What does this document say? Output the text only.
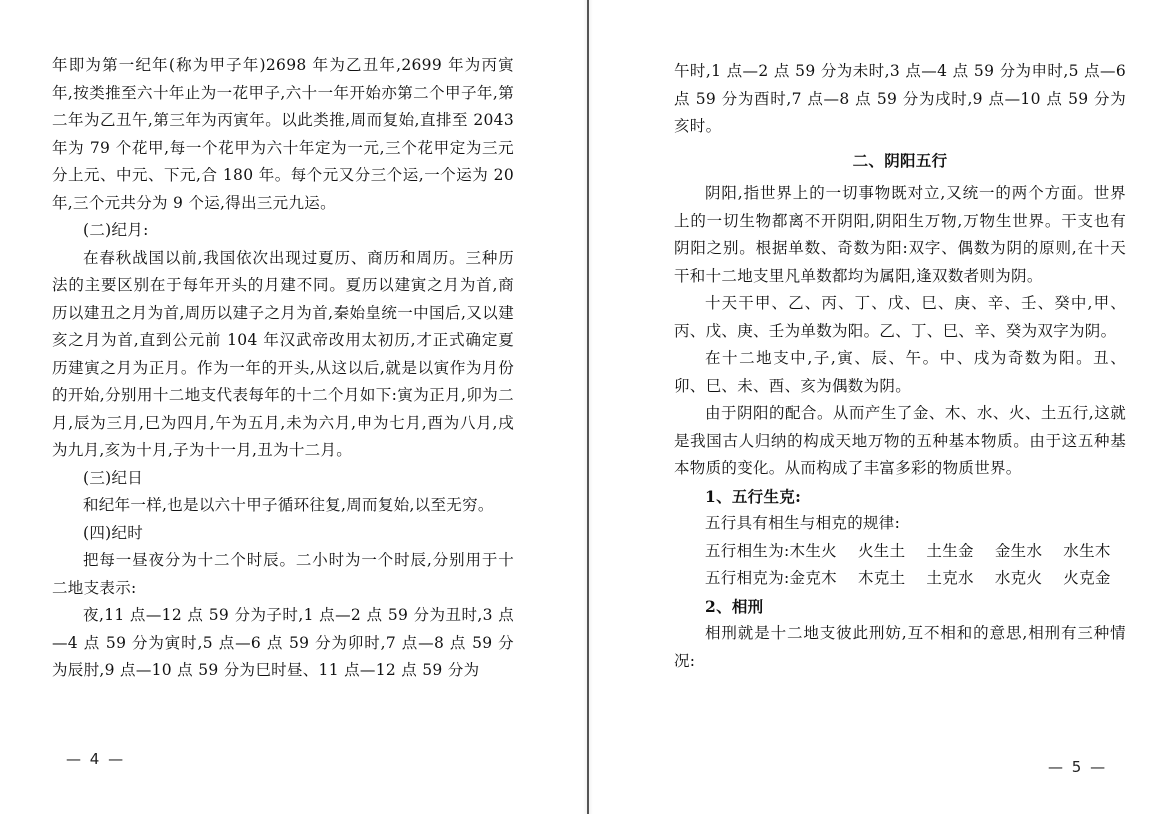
年即为第一纪年(称为甲子年)2698 年为乙丑年,2699 年为丙寅年,按类推至六十年止为一花甲子,六十一年开始亦第二个甲子年,第二年为乙丑午,第三年为丙寅年。以此类推,周而复始,直排至 2043 年为 79 个花甲,每一个花甲为六十年定为一元,三个花甲定为三元分上元、中元、下元,合 180 年。每个元又分三个运,一个运为 20 年,三个元共分为 9 个运,得出三元九运。

(二)纪月:

在春秋战国以前,我国依次出现过夏历、商历和周历。三种历法的主要区别在于每年开头的月建不同。夏历以建寅之月为首,商历以建丑之月为首,周历以建子之月为首,秦始皇统一中国后,又以建亥之月为首,直到公元前 104 年汉武帝改用太初历,才正式确定夏历建寅之月为正月。作为一年的开头,从这以后,就是以寅作为月份的开始,分别用十二地支代表每年的十二个月如下:寅为正月,卯为二月,辰为三月,巳为四月,午为五月,未为六月,申为七月,酉为八月,戌为九月,亥为十月,子为十一月,丑为十二月。

(三)纪日

和纪年一样,也是以六十甲子循环往复,周而复始,以至无穷。

(四)纪时

把每一昼夜分为十二个时辰。二小时为一个时辰,分别用于十二地支表示:

夜,11 点—12 点 59 分为子时,1 点—2 点 59 分为丑时,3 点—4 点 59 分为寅时,5 点—6 点 59 分为卯时,7 点—8 点 59 分为辰肘,9 点—10 点 59 分为巳时昼、11 点—12 点 59 分为

— 4 —

午时,1 点—2 点 59 分为未时,3 点—4 点 59 分为申时,5 点—6 点 59 分为酉时,7 点—8 点 59 分为戌时,9 点—10 点 59 分为亥时。

二、阴阳五行

阴阳,指世界上的一切事物既对立,又统一的两个方面。世界上的一切生物都离不开阴阳,阴阳生万物,万物生世界。干支也有阴阳之别。根据单数、奇数为阳:双字、偶数为阴的原则,在十天干和十二地支里凡单数都均为属阳,逢双数者则为阴。

十天干甲、乙、丙、丁、戊、巳、庚、辛、壬、癸中,甲、丙、戊、庚、壬为单数为阳。乙、丁、巳、辛、癸为双字为阴。

在十二地支中,子,寅、辰、午。中、戌为奇数为阳。丑、卯、巳、未、酉、亥为偶数为阴。

由于阴阳的配合。从而产生了金、木、水、火、土五行,这就是我国古人归纳的构成天地万物的五种基本物质。由于这五种基本物质的变化。从而构成了丰富多彩的物质世界。

1、五行生克:

五行具有相生与相克的规律:

五行相生为:木生火　 火生土　 土生金　 金生水　 水生木

五行相克为:金克木　 木克土　 土克水　 水克火　 火克金

2、相刑

相刑就是十二地支彼此刑妨,互不相和的意思,相刑有三种情况:

— 5 —
